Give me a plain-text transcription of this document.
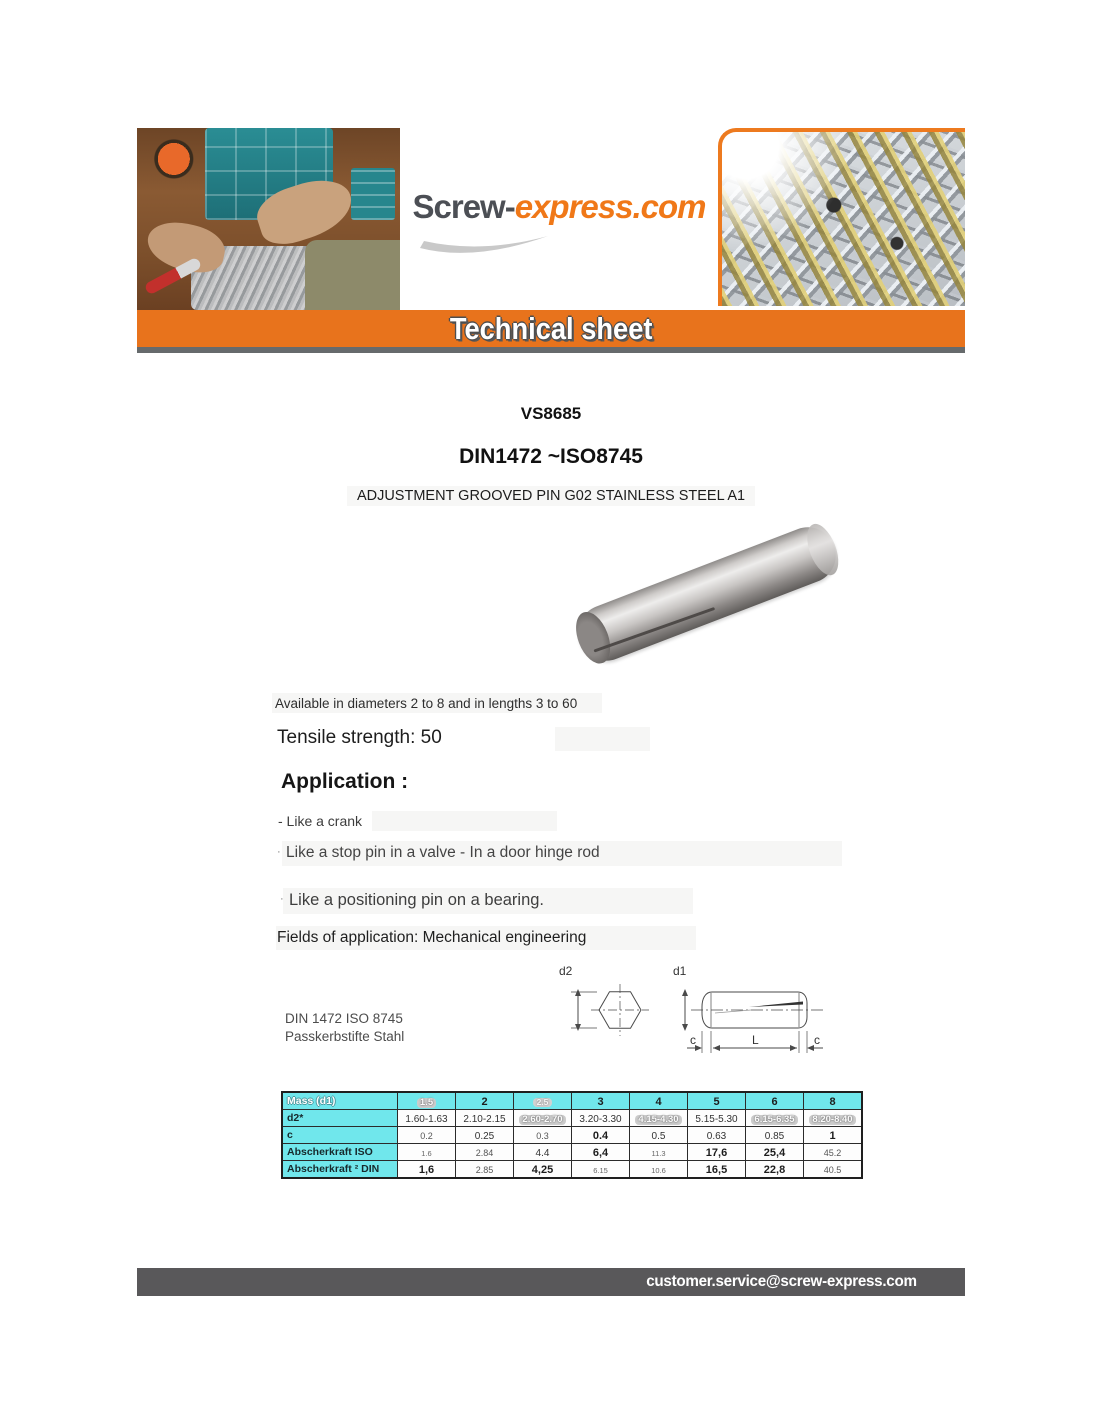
Screw-express.com
Technical sheet
VS8685
DIN1472 ~ISO8745
ADJUSTMENT GROOVED PIN G02 STAINLESS STEEL A1
Available in diameters 2 to 8 and in lengths 3 to 60
Tensile strength: 50
Application :

- Like a crank

· Like a stop pin in a valve - In a door hinge rod

· Like a positioning pin on a bearing.

Fields of application: Mechanical engineering
DIN 1472 ISO 8745
Passkerbstifte Stahl
d2	d1
c	L	c
Mass (d1)	1.5	2	2.5	3	4	5	6	8
d2*	1.60-1.63	2.10-2.15	2.60-2.70	3.20-3.30	4.15-4.30	5.15-5.30	6.15-6.35	8.20-8.40
c	0.2	0.25	0.3	0.4	0.5	0.63	0.85	1
Abscherkraft ISO	1.6	2.84	4.4	6,4	11.3	17,6	25,4	45.2
Abscherkraft ² DIN	1,6	2.85	4,25	6.15	10.6	16,5	22,8	40.5
customer.service@screw-express.com
